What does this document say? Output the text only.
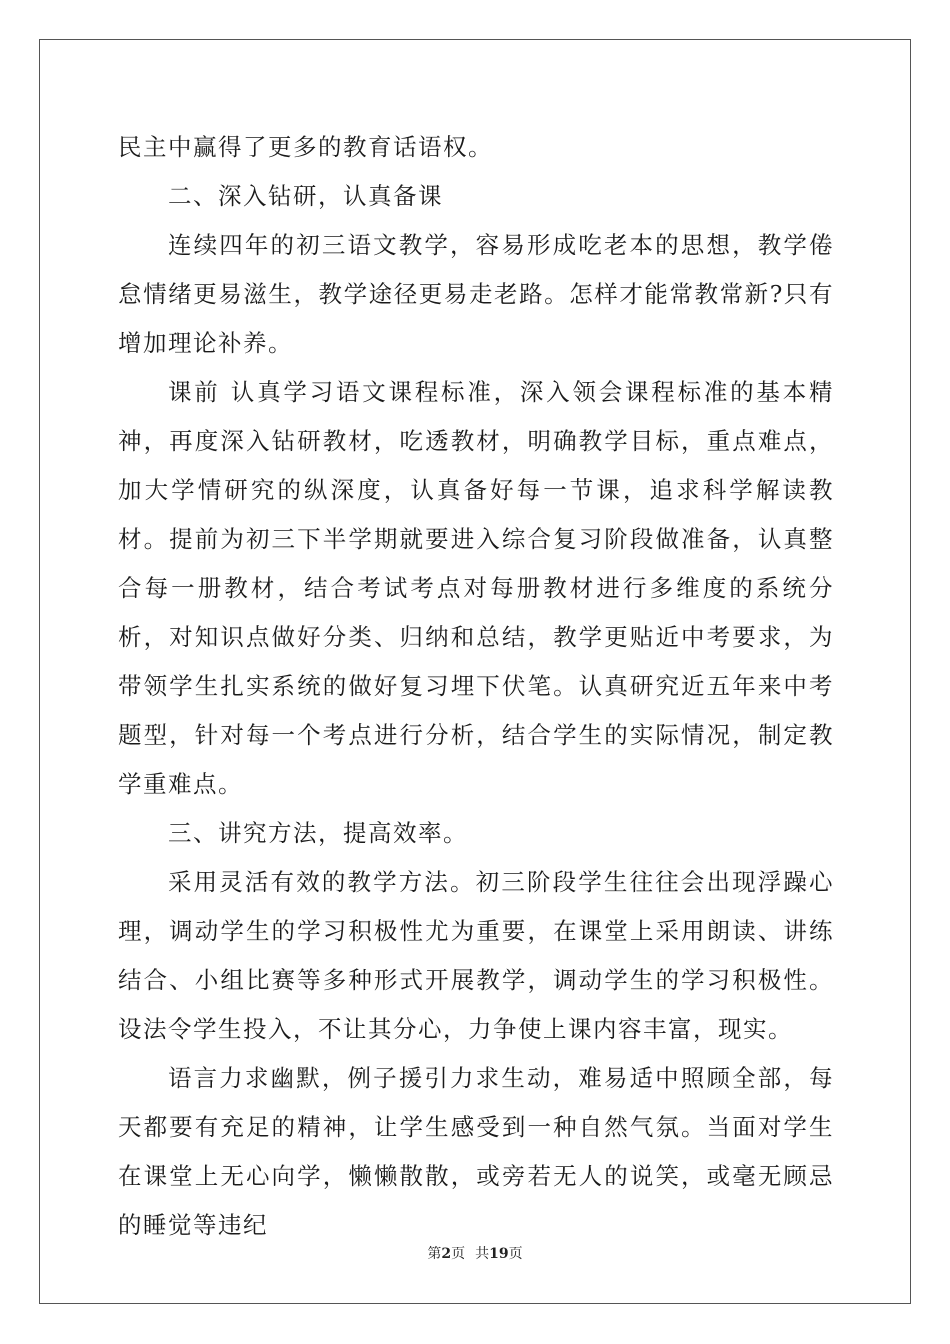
民主中赢得了更多的教育话语权。

二、深入钻研，认真备课

连续四年的初三语文教学，容易形成吃老本的思想，教学倦怠情绪更易滋生，教学途径更易走老路。怎样才能常教常新?只有增加理论补养。

课前 认真学习语文课程标准，深入领会课程标准的基本精神，再度深入钻研教材，吃透教材，明确教学目标，重点难点，加大学情研究的纵深度，认真备好每一节课，追求科学解读教材。提前为初三下半学期就要进入综合复习阶段做准备，认真整合每一册教材，结合考试考点对每册教材进行多维度的系统分析，对知识点做好分类、归纳和总结，教学更贴近中考要求，为带领学生扎实系统的做好复习埋下伏笔。认真研究近五年来中考题型，针对每一个考点进行分析，结合学生的实际情况，制定教学重难点。

三、讲究方法，提高效率。

采用灵活有效的教学方法。初三阶段学生往往会出现浮躁心理，调动学生的学习积极性尤为重要，在课堂上采用朗读、讲练结合、小组比赛等多种形式开展教学，调动学生的学习积极性。设法令学生投入，不让其分心，力争使上课内容丰富，现实。

语言力求幽默，例子援引力求生动，难易适中照顾全部，每天都要有充足的精神，让学生感受到一种自然气氛。当面对学生在课堂上无心向学，懒懒散散，或旁若无人的说笑，或毫无顾忌的睡觉等违纪

第2页 共19页
